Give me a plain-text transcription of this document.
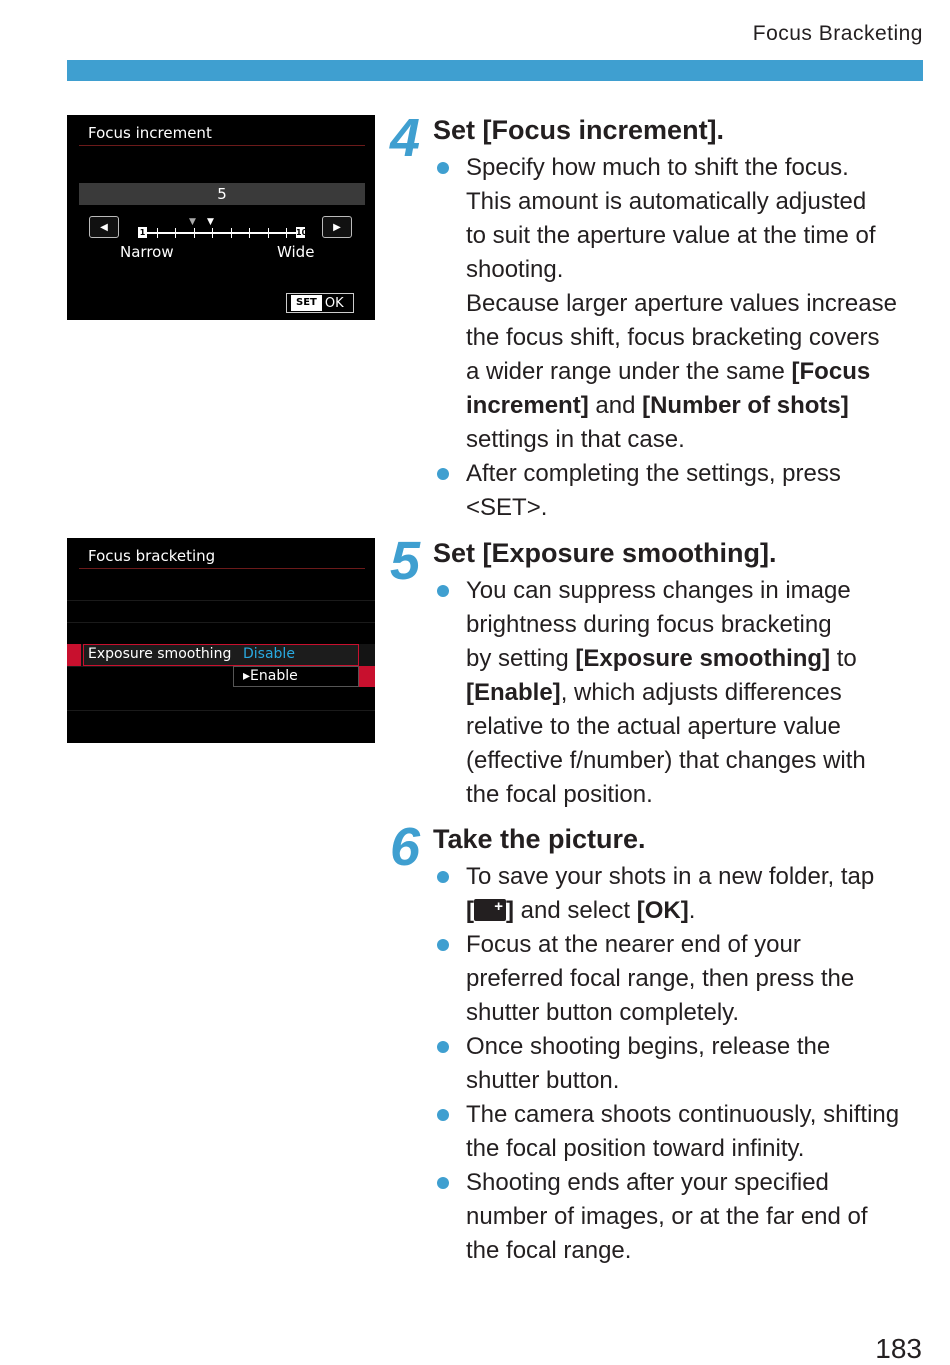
Focus Bracketing
Focus increment
5
◀	▶
1	10
▼ ▼
Narrow	Wide
SET OK
Focus bracketing
Exposure smoothing Disable
▸Enable
4 Set [Focus increment].
Specify how much to shift the focus.
This amount is automatically adjusted
to suit the aperture value at the time of
shooting.
Because larger aperture values increase
the focus shift, focus bracketing covers
a wider range under the same [Focus
increment] and [Number of shots]
settings in that case.
After completing the settings, press
<SET>.
5 Set [Exposure smoothing].
You can suppress changes in image
brightness during focus bracketing
by setting [Exposure smoothing] to
[Enable], which adjusts differences
relative to the actual aperture value
(effective f/number) that changes with
the focal position.
6 Take the picture.
To save your shots in a new folder, tap
[+ ] and select [OK].
Focus at the nearer end of your
preferred focal range, then press the
shutter button completely.
Once shooting begins, release the
shutter button.
The camera shoots continuously, shifting
the focal position toward infinity.
Shooting ends after your specified
number of images, or at the far end of
the focal range.
183
